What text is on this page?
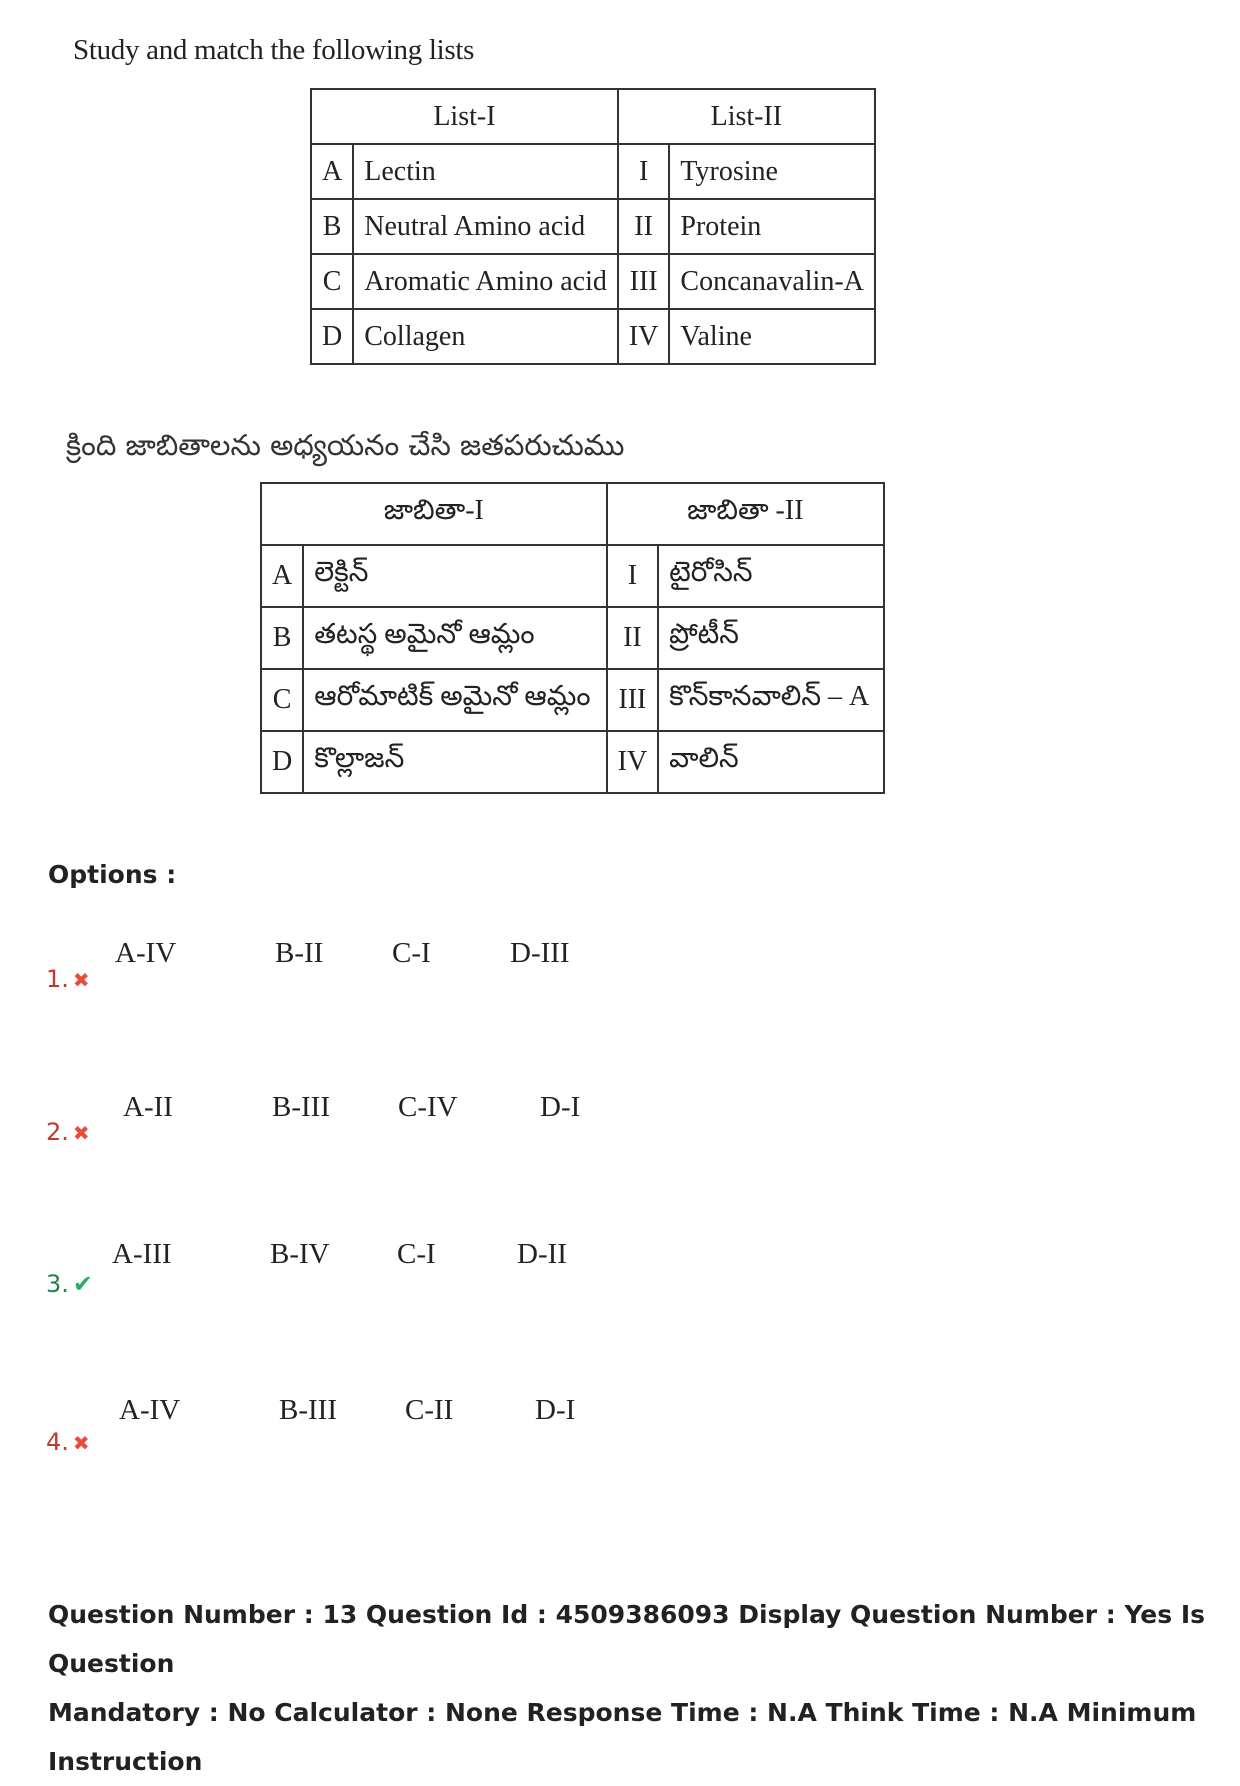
Study and match the following lists
List-I		List-II	
A	Lectin	I	Tyrosine
B	Neutral Amino acid	II	Protein
C	Aromatic Amino acid	III	Concanavalin-A
D	Collagen	IV	Valine
క్రింది జాబితాలను అధ్యయనం చేసి జతపరుచుము
జాబితా-I		జాబితా -II	
A	లెక్టిన్	I	టైరోసిన్
B	తటస్థ అమైనో ఆమ్లం	II	ప్రోటీన్
C	ఆరోమాటిక్ అమైనో ఆమ్లం	III	కొన్‌కానవాలిన్ – A
D	కొల్లాజన్	IV	వాలిన్
Options :
1. ✖
A-IV	B-II C-I	D-III
2. ✖
A-II	B-III C-IV	D-I
3. ✔
A-III	B-IV C-I	D-II
4. ✖
A-IV	B-III C-II	D-I
Question Number : 13 Question Id : 4509386093 Display Question Number : Yes Is Question
Mandatory : No Calculator : None Response Time : N.A Think Time : N.A Minimum Instruction
